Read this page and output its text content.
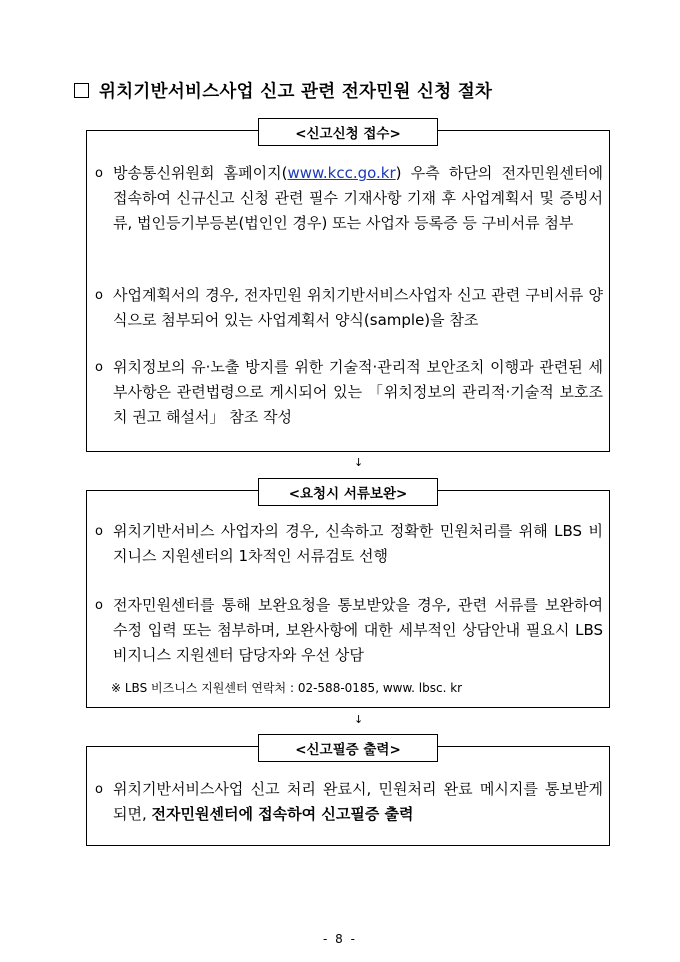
위치기반서비스사업 신고 관련 전자민원 신청 절차
<신고신청 접수>
o 방송통신위원회 홈페이지(www.kcc.go.kr) 우측 하단의 전자민원센터에 접속하여 신규신고 신청 관련 필수 기재사항 기재 후 사업계획서 및 증빙서류, 법인등기부등본(법인인 경우) 또는 사업자 등록증 등 구비서류 첨부
o 사업계획서의 경우, 전자민원 위치기반서비스사업자 신고 관련 구비서류 양식으로 첨부되어 있는 사업계획서 양식(sample)을 참조
o 위치정보의 유·노출 방지를 위한 기술적·관리적 보안조치 이행과 관련된 세부사항은 관련법령으로 게시되어 있는 「위치정보의 관리적·기술적 보호조치 권고 해설서」 참조 작성
↓
<요청시 서류보완>
o 위치기반서비스 사업자의 경우, 신속하고 정확한 민원처리를 위해 LBS 비지니스 지원센터의 1차적인 서류검토 선행
o 전자민원센터를 통해 보완요청을 통보받았을 경우, 관련 서류를 보완하여 수정 입력 또는 첨부하며, 보완사항에 대한 세부적인 상담안내 필요시 LBS 비지니스 지원센터 담당자와 우선 상담
※ LBS 비즈니스 지원센터 연락처 : 02-588-0185, www. lbsc. kr
↓
<신고필증 출력>
o 위치기반서비스사업 신고 처리 완료시, 민원처리 완료 메시지를 통보받게 되면, 전자민원센터에 접속하여 신고필증 출력
- 8 -
